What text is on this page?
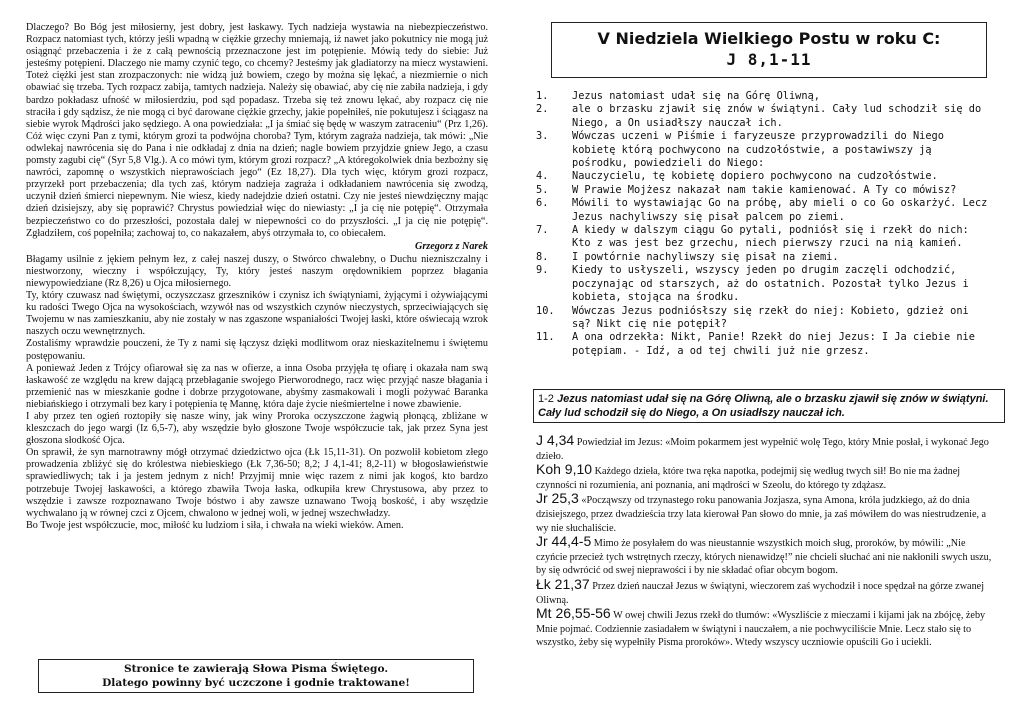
Dlaczego? Bo Bóg jest miłosierny, jest dobry, jest łaskawy. Tych nadzieja wystawia na niebezpieczeństwo. Rozpacz natomiast tych, którzy jeśli wpadną w ciężkie grzechy mniemają, iż nawet jako pokutnicy nie mogą już osiągnąć przebaczenia i że z całą pewnością przeznaczone jest im potępienie. Mówią tedy do siebie: Już jesteśmy potępieni. Dlaczego nie mamy czynić tego, co chcemy? Jesteśmy jak gladiatorzy na miecz wystawieni. Toteż ciężki jest stan zrozpaczonych: nie widzą już bowiem, czego by można się lękać, a niezmiernie o nich obawiać się trzeba. Tych rozpacz zabija, tamtych nadzieja. Należy się obawiać, aby cię nie zabiła nadzieja, i gdy bardzo pokładasz ufność w miłosierdziu, pod sąd popadasz. Trzeba się też znowu lękać, aby rozpacz cię nie straciła i gdy sądzisz, że nie mogą ci być darowane ciężkie grzechy, jakie popełniłeś, nie pokutujesz i ściągasz na siebie wyrok Mądrości jako sędziego. A ona powiedziała: „I ja śmiać się będę w waszym zatraceniu“ (Prz 1,26). Cóż więc czyni Pan z tymi, którym grozi ta podwójna choroba? Tym, którym zagraża nadzieja, tak mówi: „Nie odwlekaj nawrócenia się do Pana i nie odkładaj z dnia na dzień; nagle bowiem przyjdzie gniew Jego, a czasu pomsty zagubi cię“ (Syr 5,8 Vlg.). A co mówi tym, którym grozi rozpacz? „A któregokolwiek dnia bezbożny się nawróci, zapomnę o wszystkich nieprawościach jego“ (Ez 18,27). Dla tych więc, którym grozi rozpacz, przyrzekł port przebaczenia; dla tych zaś, którym nadzieja zagraża i odkładaniem nawrócenia się zwodzą, uczynił dzień śmierci niepewnym. Nie wiesz, kiedy nadejdzie dzień ostatni. Czy nie jesteś niewdzięczny mając dzień dzisiejszy, aby się poprawić? Chrystus powiedział więc do niewiasty: „I ja cię nie potępię“. Otrzymała bezpieczeństwo co do przeszłości, pozostała dalej w niepewności co do przyszłości. „I ja cię nie potępię“. Zgładziłem, coś popełniła; zachowaj to, co nakazałem, abyś otrzymała to, co obiecałem.

Grzegorz z Narek

Błagamy usilnie z jękiem pełnym łez, z całej naszej duszy, o Stwórco chwalebny, o Duchu niezniszczalny i niestworzony, wieczny i współczujący, Ty, który jesteś naszym orędownikiem poprzez błagania niewypowiedziane (Rz 8,26) u Ojca miłosiernego.

Ty, który czuwasz nad świętymi, oczyszczasz grzeszników i czynisz ich świątyniami, żyjącymi i ożywiającymi ku radości Twego Ojca na wysokościach, wzywół nas od wszystkich czynów nieczystych, sprzeciwiających się Twojemu w nas zamieszkaniu, aby nie zostały w nas zgaszone wspaniałości Twojej łaski, które oświecają wzrok naszych oczu wewnętrznych.

Zostaliśmy wprawdzie pouczeni, że Ty z nami się łączysz dzięki modlitwom oraz nieskazitelnemu i świętemu postępowaniu.

A ponieważ Jeden z Trójcy ofiarował się za nas w ofierze, a inna Osoba przyjęła tę ofiarę i okazała nam swą łaskawość ze względu na krew dającą przebłaganie swojego Pierworodnego, racz więc przyjąć nasze błagania i przemienić nas w mieszkanie godne i dobrze przygotowane, abyśmy zasmakowali i mogli pożywać Baranka niebiańskiego i otrzymali bez kary i potępienia tę Mannę, która daje życie nieśmiertelne i nowe zbawienie.

I aby przez ten ogień roztopiły się nasze winy, jak winy Proroka oczyszczone żagwią płonącą, zbliżane w kleszczach do jego wargi (Iz 6,5-7), aby wszędzie było głoszone Twoje współczucie tak, jak przez Syna jest głoszona słodkość Ojca.

On sprawił, że syn marnotrawny mógł otrzymać dziedzictwo ojca (Łk 15,11-31). On pozwolił kobietom złego prowadzenia zbliżyć się do królestwa niebieskiego (Łk 7,36-50; 8,2; J 4,1-41; 8,2-11) w błogosławieństwie sprawiedliwych; tak i ja jestem jednym z nich! Przyjmij mnie więc razem z nimi jak kogoś, kto bardzo potrzebuje Twojej łaskawości, a którego zbawiła Twoja łaska, odkupiła krew Chrystusowa, aby przez to wszędzie i zawsze rozpoznawano Twoje bóstwo i aby zawsze uznawano Twoją boskość, i aby wszędzie wychwalano ją w równej czci z Ojcem, chwalono w jednej woli, w jednej wszechwładzy.

Bo Twoje jest współczucie, moc, miłość ku ludziom i siła, i chwała na wieki wieków. Amen.

Stronice te zawierają Słowa Pisma Świętego.
Dlatego powinny być uczczone i godnie traktowane!
V Niedziela Wielkiego Postu w roku C:
J 8,1-11

1. Jezus natomiast udał się na Górę Oliwną,

2. ale o brzasku zjawił się znów w świątyni. Cały lud schodził się do Niego, a On usiadłszy nauczał ich.

3. Wówczas uczeni w Piśmie i faryzeusze przyprowadzili do Niego kobietę którą pochwycono na cudzołóstwie, a postawiwszy ją pośrodku, powiedzieli do Niego:

4. Nauczycielu, tę kobietę dopiero pochwycono na cudzołóstwie.

5. W Prawie Mojżesz nakazał nam takie kamienować. A Ty co mówisz?

6. Mówili to wystawiając Go na próbę, aby mieli o co Go oskarżyć. Lecz Jezus nachyliwszy się pisał palcem po ziemi.

7. A kiedy w dalszym ciągu Go pytali, podniósł się i rzekł do nich: Kto z was jest bez grzechu, niech pierwszy rzuci na nią kamień.

8. I powtórnie nachyliwszy się pisał na ziemi.

9. Kiedy to usłyszeli, wszyscy jeden po drugim zaczęli odchodzić, poczynając od starszych, aż do ostatnich. Pozostał tylko Jezus i kobieta, stojąca na środku.

10. Wówczas Jezus podniósłszy się rzekł do niej: Kobieto, gdzież oni są? Nikt cię nie potępił?

11. A ona odrzekła: Nikt, Panie! Rzekł do niej Jezus: I Ja ciebie nie potępiam. - Idź, a od tej chwili już nie grzesz.

1-2 Jezus natomiast udał się na Górę Oliwną, ale o brzasku zjawił się znów w świątyni. Cały lud schodził się do Niego, a On usiadłszy nauczał ich.

J 4,34 Powiedział im Jezus: «Moim pokarmem jest wypełnić wolę Tego, który Mnie posłał, i wykonać Jego dzieło.

Koh 9,10 Każdego dzieła, które twa ręka napotka, podejmij się według twych sił! Bo nie ma żadnej czynności ni rozumienia, ani poznania, ani mądrości w Szeolu, do którego ty zdążasz.

Jr 25,3 «Począwszy od trzynastego roku panowania Jozjasza, syna Amona, króla judzkiego, aż do dnia dzisiejszego, przez dwadzieścia trzy lata kierował Pan słowo do mnie, ja zaś mówiłem do was niestrudzenie, a wy nie słuchaliście.

Jr 44,4-5 Mimo że posyłałem do was nieustannie wszystkich moich sług, proroków, by mówili: „Nie czyńcie przecież tych wstrętnych rzeczy, których nienawidzę!” nie chcieli słuchać ani nie nakłonili swych uszu, by się odwrócić od swej nieprawości i by nie składać ofiar obcym bogom.

Łk 21,37 Przez dzień nauczał Jezus w świątyni, wieczorem zaś wychodził i noce spędzał na górze zwanej Oliwną.

Mt 26,55-56 W owej chwili Jezus rzekł do tłumów: «Wyszliście z mieczami i kijami jak na zbójcę, żeby Mnie pojmać. Codziennie zasiadałem w świątyni i nauczałem, a nie pochwyciliście Mnie. Lecz stało się to wszystko, żeby się wypełniły Pisma proroków». Wtedy wszyscy uczniowie opuścili Go i uciekli.
